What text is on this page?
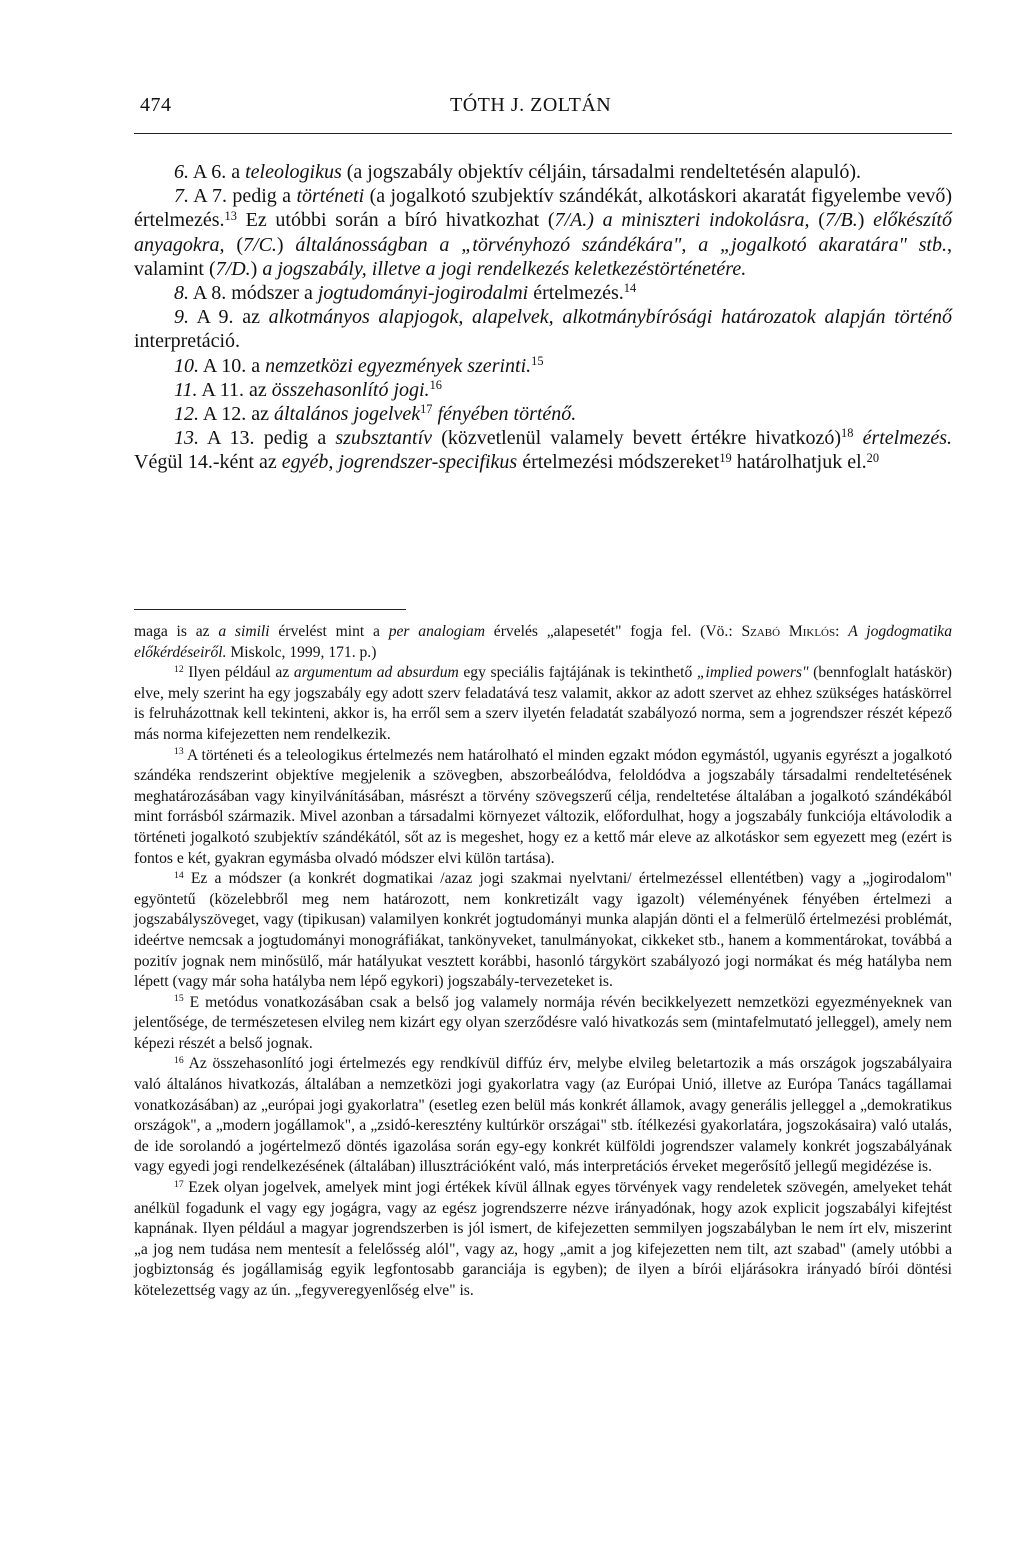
474	TÓTH J. ZOLTÁN

6. A 6. a teleologikus (a jogszabály objektív céljáin, társadalmi rendeltetésén alapuló).

7. A 7. pedig a történeti (a jogalkotó szubjektív szándékát, alkotáskori akaratát figyelembe vevő) értelmezés.$^{13}$ Ez utóbbi során a bíró hivatkozhat (7/A.) a miniszteri indokolásra, (7/B.) előkészítő anyagokra, (7/C.) általánosságban a „törvényhozó szándékára", a „jogalkotó akaratára" stb., valamint (7/D.) a jogszabály, illetve a jogi rendelkezés keletkezéstörténetére.

8. A 8. módszer a jogtudományi-jogirodalmi értelmezés.$^{14}$

9. A 9. az alkotmányos alapjogok, alapelvek, alkotmánybírósági határozatok alapján történő interpretáció.

10. A 10. a nemzetközi egyezmények szerinti.$^{15}$

11. A 11. az összehasonlító jogi.$^{16}$

12. A 12. az általános jogelvek$^{17}$ fényében történő.

13. A 13. pedig a szubsztantív (közvetlenül valamely bevett értékre hivatkozó)$^{18}$ értelmezés. Végül 14.-ként az egyéb, jogrendszer-specifikus értelmezési módszereket$^{19}$ határolhatjuk el.$^{20}$

maga is az a simili érvelést mint a per analogiam érvelés „alapesetét" fogja fel. (Vö.: Szabó Miklós: A jogdogmatika előkérdéseiről. Miskolc, 1999, 171. p.)

$^{12}$ Ilyen például az argumentum ad absurdum egy speciális fajtájának is tekinthető „implied powers" (bennfoglalt hatáskör) elve, mely szerint ha egy jogszabály egy adott szerv feladatává tesz valamit, akkor az adott szervet az ehhez szükséges hatáskörrel is felruházottnak kell tekinteni, akkor is, ha erről sem a szerv ilyetén feladatát szabályozó norma, sem a jogrendszer részét képező más norma kifejezetten nem rendelkezik.

$^{13}$ A történeti és a teleologikus értelmezés nem határolható el minden egzakt módon egymástól, ugyanis egyrészt a jogalkotó szándéka rendszerint objektíve megjelenik a szövegben, abszorbeálódva, feloldódva a jogszabály társadalmi rendeltetésének meghatározásában vagy kinyilvánításában, másrészt a törvény szövegszerű célja, rendeltetése általában a jogalkotó szándékából mint forrásból származik. Mivel azonban a társadalmi környezet változik, előfordulhat, hogy a jogszabály funkciója eltávolodik a történeti jogalkotó szubjektív szándékától, sőt az is megeshet, hogy ez a kettő már eleve az alkotáskor sem egyezett meg (ezért is fontos e két, gyakran egymásba olvadó módszer elvi külön tartása).

$^{14}$ Ez a módszer (a konkrét dogmatikai /azaz jogi szakmai nyelvtani/ értelmezéssel ellentétben) vagy a „jogirodalom" egyöntetű (közelebbről meg nem határozott, nem konkretizált vagy igazolt) véleményének fényében értelmezi a jogszabályszöveget, vagy (tipikusan) valamilyen konkrét jogtudományi munka alapján dönti el a felmerülő értelmezési problémát, ideértve nemcsak a jogtudományi monográfiákat, tankönyveket, tanulmányokat, cikkeket stb., hanem a kommentárokat, továbbá a pozitív jognak nem minősülő, már hatályukat vesztett korábbi, hasonló tárgykört szabályozó jogi normákat és még hatályba nem lépett (vagy már soha hatályba nem lépő egykori) jogszabály-tervezeteket is.

$^{15}$ E metódus vonatkozásában csak a belső jog valamely normája révén becikkelyezett nemzetközi egyezményeknek van jelentősége, de természetesen elvileg nem kizárt egy olyan szerződésre való hivatkozás sem (mintafelmutató jelleggel), amely nem képezi részét a belső jognak.

$^{16}$ Az összehasonlító jogi értelmezés egy rendkívül diffúz érv, melybe elvileg beletartozik a más országok jogszabályaira való általános hivatkozás, általában a nemzetközi jogi gyakorlatra vagy (az Európai Unió, illetve az Európa Tanács tagállamai vonatkozásában) az „európai jogi gyakorlatra" (esetleg ezen belül más konkrét államok, avagy generális jelleggel a „demokratikus országok", a „modern jogállamok", a „zsidó-keresztény kultúrkör országai" stb. ítélkezési gyakorlatára, jogszokásaira) való utalás, de ide sorolandó a jogértelmező döntés igazolása során egy-egy konkrét külföldi jogrendszer valamely konkrét jogszabályának vagy egyedi jogi rendelkezésének (általában) illusztrációként való, más interpretációs érveket megerősítő jellegű megidézése is.

$^{17}$ Ezek olyan jogelvek, amelyek mint jogi értékek kívül állnak egyes törvények vagy rendeletek szövegén, amelyeket tehát anélkül fogadunk el vagy egy jogágra, vagy az egész jogrendszerre nézve irányadónak, hogy azok explicit jogszabályi kifejtést kapnának. Ilyen például a magyar jogrendszerben is jól ismert, de kifejezetten semmilyen jogszabályban le nem írt elv, miszerint „a jog nem tudása nem mentesít a felelősség alól", vagy az, hogy „amit a jog kifejezetten nem tilt, azt szabad" (amely utóbbi a jogbiztonság és jogállamiság egyik legfontosabb garanciája is egyben); de ilyen a bírói eljárásokra irányadó bírói döntési kötelezettség vagy az ún. „fegyveregyenlőség elve" is.
